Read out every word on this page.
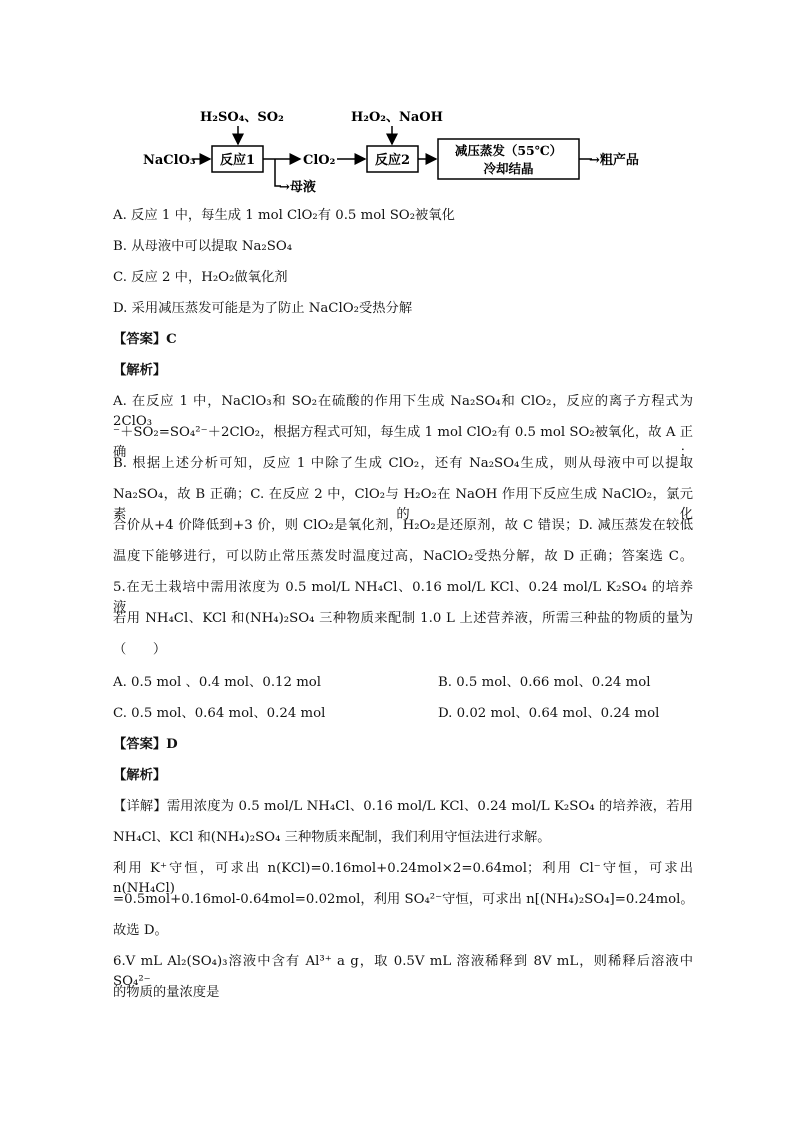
H₂SO₄、SO₂
NaClO₃ 反应1
→母液
ClO₂
H₂O₂、NaOH
反应2
减压蒸发（55℃）
冷却结晶
→粗产品
A. 反应 1 中，每生成 1 mol ClO₂有 0.5 mol SO₂被氧化
B. 从母液中可以提取 Na₂SO₄
C. 反应 2 中，H₂O₂做氧化剂
D. 采用减压蒸发可能是为了防止 NaClO₂受热分解
【答案】C
【解析】
A. 在反应 1 中，NaClO₃和 SO₂在硫酸的作用下生成 Na₂SO₄和 ClO₂，反应的离子方程式为 2ClO₃
⁻＋SO₂=SO₄²⁻＋2ClO₂，根据方程式可知，每生成 1 mol ClO₂有 0.5 mol SO₂被氧化，故 A 正确；
B. 根据上述分析可知，反应 1 中除了生成 ClO₂，还有 Na₂SO₄生成，则从母液中可以提取
Na₂SO₄，故 B 正确；C. 在反应 2 中，ClO₂与 H₂O₂在 NaOH 作用下反应生成 NaClO₂，氯元素的化
合价从+4 价降低到+3 价，则 ClO₂是氧化剂，H₂O₂是还原剂，故 C 错误；D. 减压蒸发在较低
温度下能够进行，可以防止常压蒸发时温度过高，NaClO₂受热分解，故 D 正确；答案选 C。
5.在无土栽培中需用浓度为 0.5 mol/L NH₄Cl、0.16 mol/L KCl、0.24 mol/L K₂SO₄ 的培养液，
若用 NH₄Cl、KCl 和(NH₄)₂SO₄ 三种物质来配制 1.0 L 上述营养液，所需三种盐的物质的量为
（　　）
A. 0.5 mol 、0.4 mol、0.12 mol	B. 0.5 mol、0.66 mol、0.24 mol
C. 0.5 mol、0.64 mol、0.24 mol	D. 0.02 mol、0.64 mol、0.24 mol
【答案】D
【解析】
【详解】需用浓度为 0.5 mol/L NH₄Cl、0.16 mol/L KCl、0.24 mol/L K₂SO₄ 的培养液，若用
NH₄Cl、KCl 和(NH₄)₂SO₄ 三种物质来配制，我们利用守恒法进行求解。
利用 K⁺守恒，可求出 n(KCl)=0.16mol+0.24mol×2=0.64mol；利用 Cl⁻守恒，可求出 n(NH₄Cl)
=0.5mol+0.16mol-0.64mol=0.02mol，利用 SO₄²⁻守恒，可求出 n[(NH₄)₂SO₄]=0.24mol。
故选 D。
6.V mL Al₂(SO₄)₃溶液中含有 Al³⁺ a g，取 0.5V mL 溶液稀释到 8V mL，则稀释后溶液中 SO₄²⁻
的物质的量浓度是
